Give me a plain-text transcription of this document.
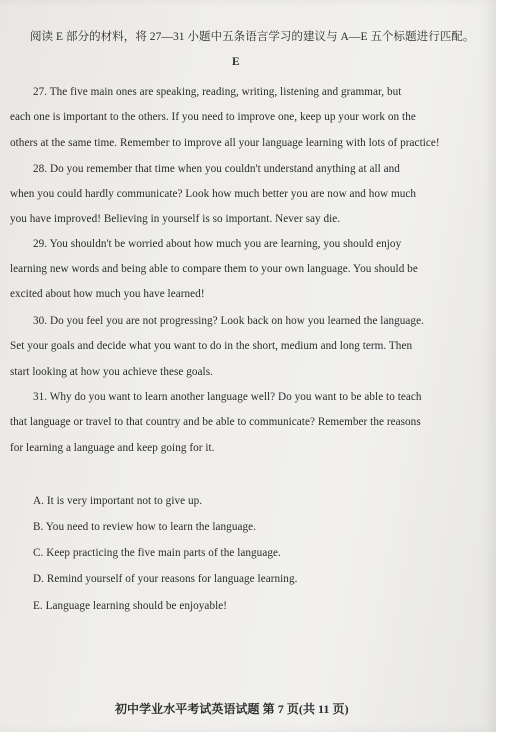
阅读 E 部分的材料，将 27—31 小题中五条语言学习的建议与 A—E 五个标题进行匹配。
E
27. The five main ones are speaking, reading, writing, listening and grammar, but
each one is important to the others. If you need to improve one, keep up your work on the
others at the same time. Remember to improve all your language learning with lots of practice!
28. Do you remember that time when you couldn't understand anything at all and
when you could hardly communicate? Look how much better you are now and how much
you have improved! Believing in yourself is so important. Never say die.
29. You shouldn't be worried about how much you are learning, you should enjoy
learning new words and being able to compare them to your own language. You should be
excited about how much you have learned!
30. Do you feel you are not progressing? Look back on how you learned the language.
Set your goals and decide what you want to do in the short, medium and long term. Then
start looking at how you achieve these goals.
31. Why do you want to learn another language well? Do you want to be able to teach
that language or travel to that country and be able to communicate? Remember the reasons
for learning a language and keep going for it.
A. It is very important not to give up.
B. You need to review how to learn the language.
C. Keep practicing the five main parts of the language.
D. Remind yourself of your reasons for language learning.
E. Language learning should be enjoyable!
初中学业水平考试英语试题 第 7 页(共 11 页)
